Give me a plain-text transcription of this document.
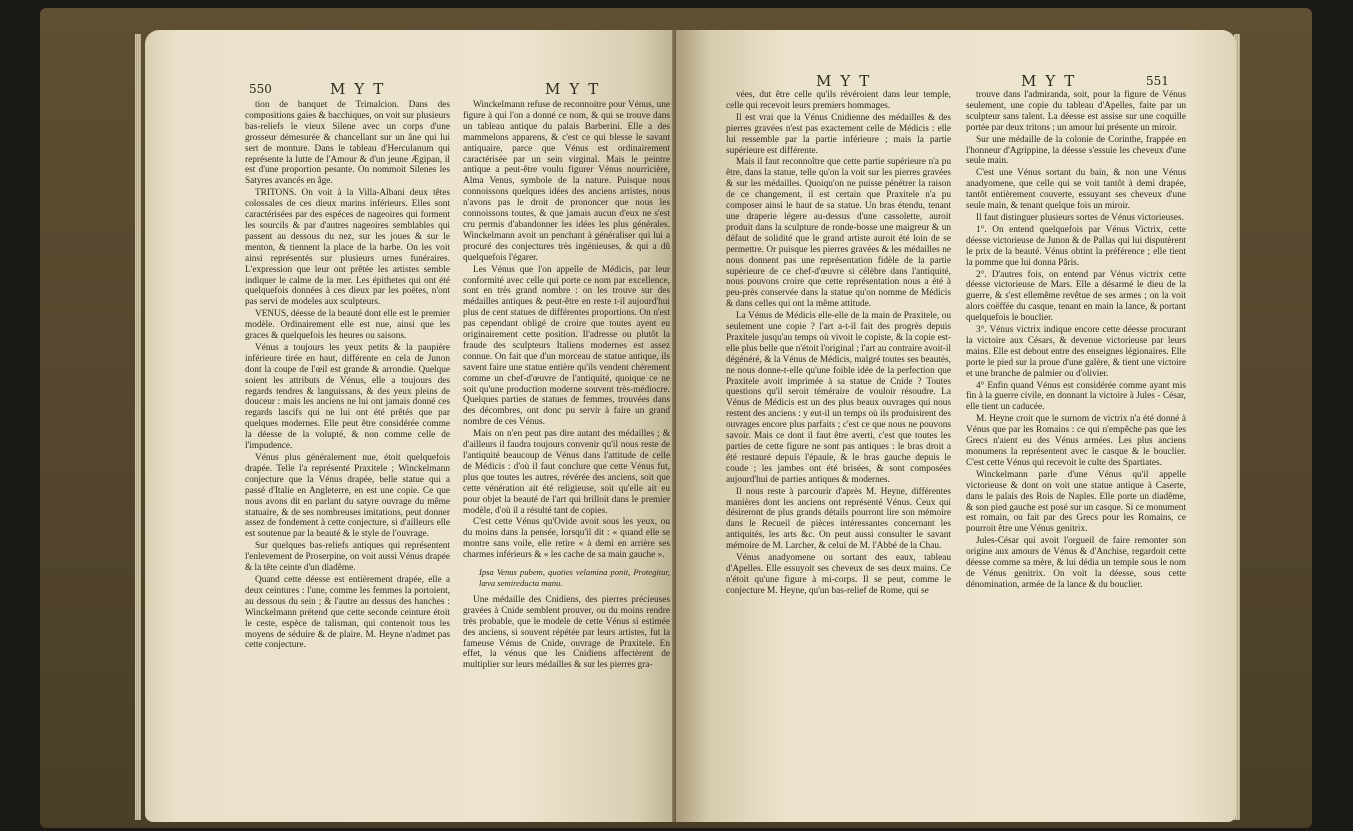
550	MYT	MYT

tion de banquet de Trimalcion. Dans des compositions gaies & bacchiques, on voit sur plusieurs bas-reliefs le vieux Silene avec un corps d'une grosseur démesurée & chancellant sur un âne qui lui sert de monture. Dans le tableau d'Herculanum qui représente la lutte de l'Amour & d'un jeune Ægipan, il est d'une proportion pesante. On nommoit Silenes les Satyres avancés en âge.

TRITONS. On voit à la Villa-Albani deux têtes colossales de ces dieux marins inférieurs. Elles sont caractérisées par des espéces de nageoires qui forment les sourcils & par d'autres nageoires semblables qui passent au dessous du nez, sur les joues & sur le menton, & tiennent la place de la barbe. On les voit ainsi représentés sur plusieurs urnes funéraires. L'expression que leur ont prêtée les artistes semble indiquer le calme de la mer. Les épithetes qui ont été quelquefois données à ces dieux par les poëtes, n'ont pas servi de modeles aux sculpteurs.

VENUS, déesse de la beauté dont elle est le premier modèle. Ordinairement elle est nue, ainsi que les graces & quelquefois les heures ou saisons.

Vénus a toujours les yeux petits & la paupière inférieure tirée en haut, différente en cela de Junon dont la coupe de l'œil est grande & arrondie. Quelque soient les attributs de Vénus, elle a toujours des regards tendres & languissans, & des yeux pleins de douceur : mais les anciens ne lui ont jamais donné ces regards lascifs qui ne lui ont été prêtés que par quelques modernes. Elle peut être considérée comme la déesse de la volupté, & non comme celle de l'impudence.

Vénus plus généralement nue, étoit quelquefois drapée. Telle l'a représenté Praxitele ; Winckelmann conjecture que la Vénus drapée, belle statue qui a passé d'Italie en Angleterre, en est une copie. Ce que nous avons dit en parlant du satyre ouvrage du même statuaire, & de ses nombreuses imitations, peut donner assez de fondement à cette conjecture, si d'ailleurs elle est soutenue par la beauté & le style de l'ouvrage.

Sur quelques bas-reliefs antiques qui représentent l'enlevement de Proserpine, on voit aussi Vénus drapée & la tête ceinte d'un diadême.

Quand cette déesse est entièrement drapée, elle a deux ceintures : l'une, comme les femmes la portoient, au dessous du sein ; & l'autre au dessus des hanches : Winckelmann prétend que cette seconde ceinture étoit le ceste, espèce de talisman, qui contenoit tous les moyens de séduire & de plaire. M. Heyne n'admet pas cette conjecture.

Winckelmann refuse de reconnoitre pour Vénus, une figure à qui l'on a donné ce nom, & qui se trouve dans un tableau antique du palais Barberini. Elle a des mammelons apparens, & c'est ce qui blesse le savant antiquaire, parce que Vénus est ordinairement caractérisée par un sein virginal. Mais le peintre antique a peut-être voulu figurer Vénus nourricière, Alma Venus, symbole de la nature. Puisque nous connoissons quelques idées des anciens artistes, nous n'avons pas le droit de prononcer que nous les connoissons toutes, & que jamais aucun d'eux ne s'est cru permis d'abandonner les idées les plus générales. Winckelmann avoit un penchant à généraliser qui lui a procuré des conjectures très ingénieuses, & qui a dû quelquefois l'égarer.

Les Vénus que l'on appelle de Médicis, par leur conformité avec celle qui porte ce nom par excellence, sont en très grand nombre : on les trouve sur des médailles antiques & peut-être en reste t-il aujourd'hui plus de cent statues de différentes proportions. On n'est pas cependant obligé de croire que toutes ayent eu originairement cette position. Il'adresse ou plutôt la fraude des sculpteurs Italiens modernes est assez connue. On fait que d'un morceau de statue antique, ils savent faire une statue entière qu'ils vendent chérement comme un chef-d'œuvre de l'antiquité, quoique ce ne soit qu'une production moderne souvent très-médiocre. Quelques parties de statues de femmes, trouvées dans des décombres, ont donc pu servir à faire un grand nombre de ces Vénus.

Mais on n'en peut pas dire autant des médailles ; & d'ailleurs il faudra toujours convenir qu'il nous reste de l'antiquité beaucoup de Vénus dans l'attitude de celle de Médicis : d'où il faut conclure que cette Vénus fut, plus que toutes les autres, révérée des anciens, soit que cette vénération ait été religieuse, soit qu'elle ait eu pour objet la beauté de l'art qui brilloit dans le premier modèle, d'où il a résulté tant de copies.

C'est cette Vénus qu'Ovide avoit sous les yeux, ou du moins dans la pensée, lorsqu'il dit : « quand elle se montre sans voile, elle retire « à demi en arrière ses charmes inférieurs & « les cache de sa main gauche ».

Ipsa Venus pubem, quoties velamina ponit, Protegitur, læva semireducta manu.

Une médaille des Cnidiens, des pierres précieuses gravées à Cnide semblent prouver, ou du moins rendre très probable, que le modele de cette Vénus si estimée des anciens, si souvent répétée par leurs artistes, fut la fameuse Vénus de Cnide, ouvrage de Praxitele. En effet, la vénus que les Cnidiens affectèrent de multiplier sur leurs médailles & sur les pierres gra-

MYT	MYT	551

vées, dut être celle qu'ils révéroient dans leur temple, celle qui recevoit leurs premiers hommages.

Il est vrai que la Vénus Cnidienne des médailles & des pierres gravées n'est pas exactement celle de Médicis : elle lui ressemble par la partie inférieure ; mais la partie supérieure est différente.

Mais il faut reconnoître que cette partie supérieure n'a pu être, dans la statue, telle qu'on la voit sur les pierres gravées & sur les médailles. Quoiqu'on ne puisse pénétrer la raison de ce changement, il est certain que Praxitele n'a pu composer ainsi le haut de sa statue. Un bras étendu, tenant une draperie légere au-dessus d'une cassolette, auroit produit dans la sculpture de ronde-bosse une maigreur & un défaut de solidité que le grand artiste auroit été loin de se permettre. Or puisque les pierres gravées & les médailles ne nous donnent pas une représentation fidèle de la partie supérieure de ce chef-d'œuvre si célèbre dans l'antiquité, nous pouvons croire que cette représentation nous a été à peu-près conservée dans la statue qu'on nomme de Médicis & dans celles qui ont la même attitude.

La Vénus de Médicis elle-elle de la main de Praxitele, ou seulement une copie ? l'art a-t-il fait des progrès depuis Praxitele jusqu'au temps où vivoit le copiste, & la copie est-elle plus belle que n'étoit l'original ; l'art au contraire avoit-il dégénéré, & la Vénus de Médicis, malgré toutes ses beautés, ne nous donne-t-elle qu'une foible idée de la perfection que Praxitele avoit imprimée à sa statue de Cnide ? Toutes questions qu'il seroit téméraire de vouloir résoudre. La Vénus de Médicis est un des plus beaux ouvrages qui nous restent des anciens : y eut-il un temps où ils produisirent des ouvrages encore plus parfaits ; c'est ce que nous ne pouvons savoir. Mais ce dont il faut être averti, c'est que toutes les parties de cette figure ne sont pas antiques : le bras droit a été restauré depuis l'épaule, & le bras gauche depuis le coude ; les jambes ont été brisées, & sont composées aujourd'hui de parties antiques & modernes.

Il nous reste à parcourir d'après M. Heyne, différentes manières dont les anciens ont représenté Vénus. Ceux qui désireront de plus grands détails pourront lire son mémoire dans le Recueil de pièces intéressantes concernant les antiquités, les arts &c. On peut aussi consulter le savant mémoire de M. Larcher, & celui de M. l'Abbé de la Chau.

Vénus anadyomene ou sortant des eaux, tableau d'Apelles. Elle essuyoit ses cheveux de ses deux mains. Ce n'étoit qu'une figure à mi-corps. Il se peut, comme le conjecture M. Heyne, qu'un bas-relief de Rome, qui se

trouve dans l'admiranda, soit, pour la figure de Vénus seulement, une copie du tableau d'Apelles, faite par un sculpteur sans talent. La déesse est assise sur une coquille portée par deux tritons ; un amour lui présente un miroir.

Sur une médaille de la colonie de Corinthe, frappée en l'honneur d'Agrippine, la déesse s'essuie les cheveux d'une seule main.

C'est une Vénus sortant du bain, & non une Vénus anadyomene, que celle qui se voit tantôt à demi drapée, tantôt entièrement couverte, essuyant ses cheveux d'une seule main, & tenant quelque fois un miroir.

Il faut distinguer plusieurs sortes de Vénus victorieuses.

1°. On entend quelquefois par Vénus Victrix, cette déesse victorieuse de Junon & de Pallas qui lui disputèrent le prix de la beauté. Vénus obtint la préférence ; elle tient la pomme que lui donna Pâris.

2°. D'autres fois, on entend par Vénus victrix cette déesse victorieuse de Mars. Elle a désarmé le dieu de la guerre, & s'est ellemême revêtue de ses armes ; on la voit alors coëffée du casque, tenant en main la lance, & portant quelquefois le bouclier.

3°. Vénus victrix indique encore cette déesse procurant la victoire aux Césars, & devenue victorieuse par leurs mains. Elle est debout entre des enseignes légionaires. Elle porte le pied sur la proue d'une galère, & tient une victoire et une branche de palmier ou d'olivier.

4° Enfin quand Vénus est considérée comme ayant mis fin à la guerre civile, en donnant la victoire à Jules - César, elle tient un caducée.

M. Heyne croit que le surnom de victrix n'a été donné à Vénus que par les Romains : ce qui n'empêche pas que les Grecs n'aient eu des Vénus armées. Les plus anciens monumens la représentent avec le casque & le bouclier. C'est cette Vénus qui recevoit le culte des Spartiates.

Winckelmann parle d'une Vénus qu'il appelle victorieuse & dont on voit une statue antique à Caserte, dans le palais des Rois de Naples. Elle porte un diadême, & son pied gauche est posé sur un casque. Si ce monument est romain, ou fait par des Grecs pour les Romains, ce pourroit être une Vénus genitrix.

Jules-César qui avoit l'orgueil de faire remonter son origine aux amours de Vénus & d'Anchise, regardoit cette déesse comme sa mère, & lui dédia un temple sous le nom de Vénus genitrix. On voit la déesse, sous cette dénomination, armée de la lance & du bouclier.
